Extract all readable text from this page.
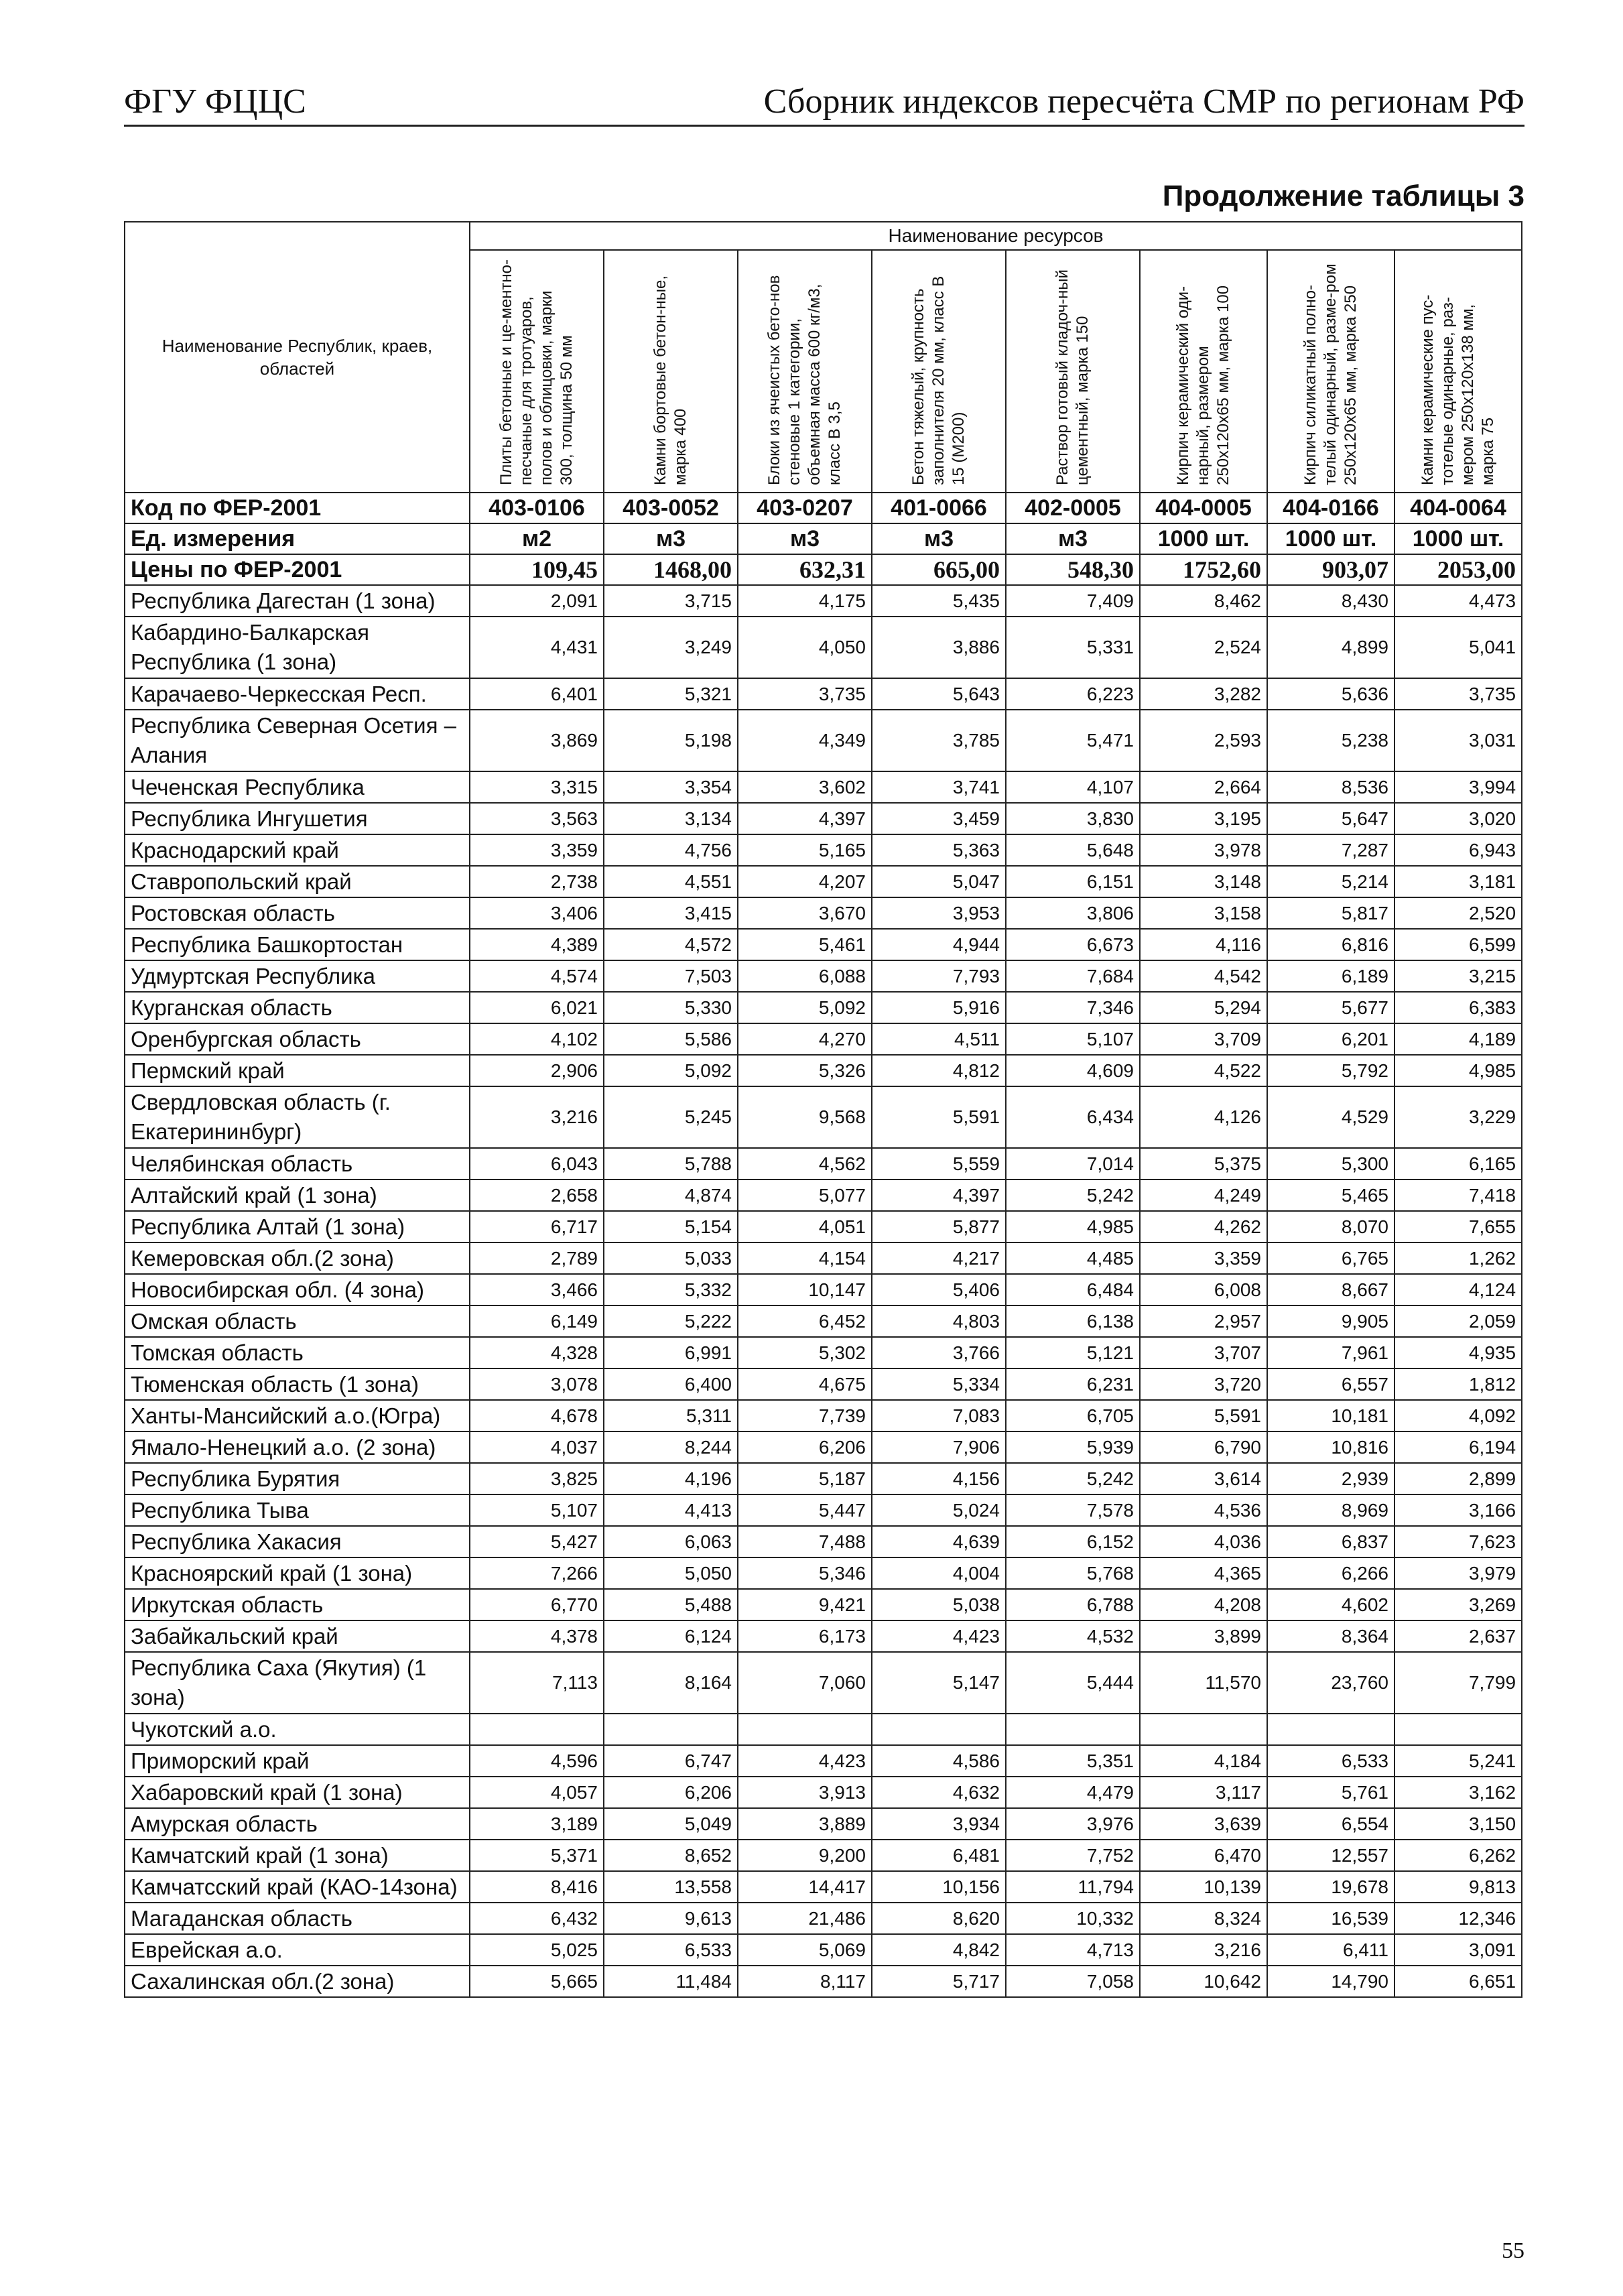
ФГУ ФЦЦС	Сборник индексов пересчёта СМР по регионам РФ
Продолжение таблицы 3
Наименование Республик, краев, областей	Наименование ресурсов							

	Плиты бетонные и це-ментно-песчаные для тротуаров, полов и облицовки, марки 300, толщина 50 мм	Камни бортовые бетон-ные, марка 400	Блоки из ячеистых бето-нов стеновые 1 категории, объемная масса 600 кг/м3, класс В 3,5	Бетон тяжелый, крупность заполнителя 20 мм, класс В 15 (М200)	Раствор готовый кладоч-ный цементный, марка 150	Кирпич керамический оди-нарный, размером 250х120х65 мм, марка 100	Кирпич силикатный полно-телый одинарный, разме-ром 250х120х65 мм, марка 250	Камни керамические пус-тотелые одинарные, раз-мером 250х120х138 мм, марка 75

Код по ФЕР-2001	403-0106	403-0052	403-0207	401-0066	402-0005	404-0005	404-0166	404-0064
Ед. измерения	м2	м3	м3	м3	м3	1000 шт.	1000 шт.	1000 шт.
Цены по ФЕР-2001	109,45	1468,00	632,31	665,00	548,30	1752,60	903,07	2053,00
Республика Дагестан (1 зона)	2,091	3,715	4,175	5,435	7,409	8,462	8,430	4,473
Кабардино-Балкарская Республика (1 зона)	4,431	3,249	4,050	3,886	5,331	2,524	4,899	5,041
Карачаево-Черкесская Респ.	6,401	5,321	3,735	5,643	6,223	3,282	5,636	3,735
Республика Северная Осетия – Алания	3,869	5,198	4,349	3,785	5,471	2,593	5,238	3,031
Чеченская Республика	3,315	3,354	3,602	3,741	4,107	2,664	8,536	3,994
Республика Ингушетия	3,563	3,134	4,397	3,459	3,830	3,195	5,647	3,020
Краснодарский край	3,359	4,756	5,165	5,363	5,648	3,978	7,287	6,943
Ставропольский край	2,738	4,551	4,207	5,047	6,151	3,148	5,214	3,181
Ростовская область	3,406	3,415	3,670	3,953	3,806	3,158	5,817	2,520
Республика Башкортостан	4,389	4,572	5,461	4,944	6,673	4,116	6,816	6,599
Удмуртская Республика	4,574	7,503	6,088	7,793	7,684	4,542	6,189	3,215
Курганская область	6,021	5,330	5,092	5,916	7,346	5,294	5,677	6,383
Оренбургская область	4,102	5,586	4,270	4,511	5,107	3,709	6,201	4,189
Пермский край	2,906	5,092	5,326	4,812	4,609	4,522	5,792	4,985
Свердловская область (г. Екатерининбург)	3,216	5,245	9,568	5,591	6,434	4,126	4,529	3,229
Челябинская область	6,043	5,788	4,562	5,559	7,014	5,375	5,300	6,165
Алтайский край (1 зона)	2,658	4,874	5,077	4,397	5,242	4,249	5,465	7,418
Республика Алтай (1 зона)	6,717	5,154	4,051	5,877	4,985	4,262	8,070	7,655
Кемеровская обл.(2 зона)	2,789	5,033	4,154	4,217	4,485	3,359	6,765	1,262
Новосибирская обл. (4 зона)	3,466	5,332	10,147	5,406	6,484	6,008	8,667	4,124
Омская область	6,149	5,222	6,452	4,803	6,138	2,957	9,905	2,059
Томская область	4,328	6,991	5,302	3,766	5,121	3,707	7,961	4,935
Тюменская область (1 зона)	3,078	6,400	4,675	5,334	6,231	3,720	6,557	1,812
Ханты-Мансийский а.о.(Югра)	4,678	5,311	7,739	7,083	6,705	5,591	10,181	4,092
Ямало-Ненецкий а.о. (2 зона)	4,037	8,244	6,206	7,906	5,939	6,790	10,816	6,194
Республика Бурятия	3,825	4,196	5,187	4,156	5,242	3,614	2,939	2,899
Республика Тыва	5,107	4,413	5,447	5,024	7,578	4,536	8,969	3,166
Республика Хакасия	5,427	6,063	7,488	4,639	6,152	4,036	6,837	7,623
Красноярский край (1 зона)	7,266	5,050	5,346	4,004	5,768	4,365	6,266	3,979
Иркутская область	6,770	5,488	9,421	5,038	6,788	4,208	4,602	3,269
Забайкальский край	4,378	6,124	6,173	4,423	4,532	3,899	8,364	2,637
Республика Саха (Якутия) (1 зона)	7,113	8,164	7,060	5,147	5,444	11,570	23,760	7,799
Чукотский а.о.								
Приморский край	4,596	6,747	4,423	4,586	5,351	4,184	6,533	5,241
Хабаровский край (1 зона)	4,057	6,206	3,913	4,632	4,479	3,117	5,761	3,162
Амурская область	3,189	5,049	3,889	3,934	3,976	3,639	6,554	3,150
Камчатский край (1 зона)	5,371	8,652	9,200	6,481	7,752	6,470	12,557	6,262
Камчатсский край (КАО-14зона)	8,416	13,558	14,417	10,156	11,794	10,139	19,678	9,813
Магаданская область	6,432	9,613	21,486	8,620	10,332	8,324	16,539	12,346
Еврейская а.о.	5,025	6,533	5,069	4,842	4,713	3,216	6,411	3,091
Сахалинская обл.(2 зона)	5,665	11,484	8,117	5,717	7,058	10,642	14,790	6,651
55
